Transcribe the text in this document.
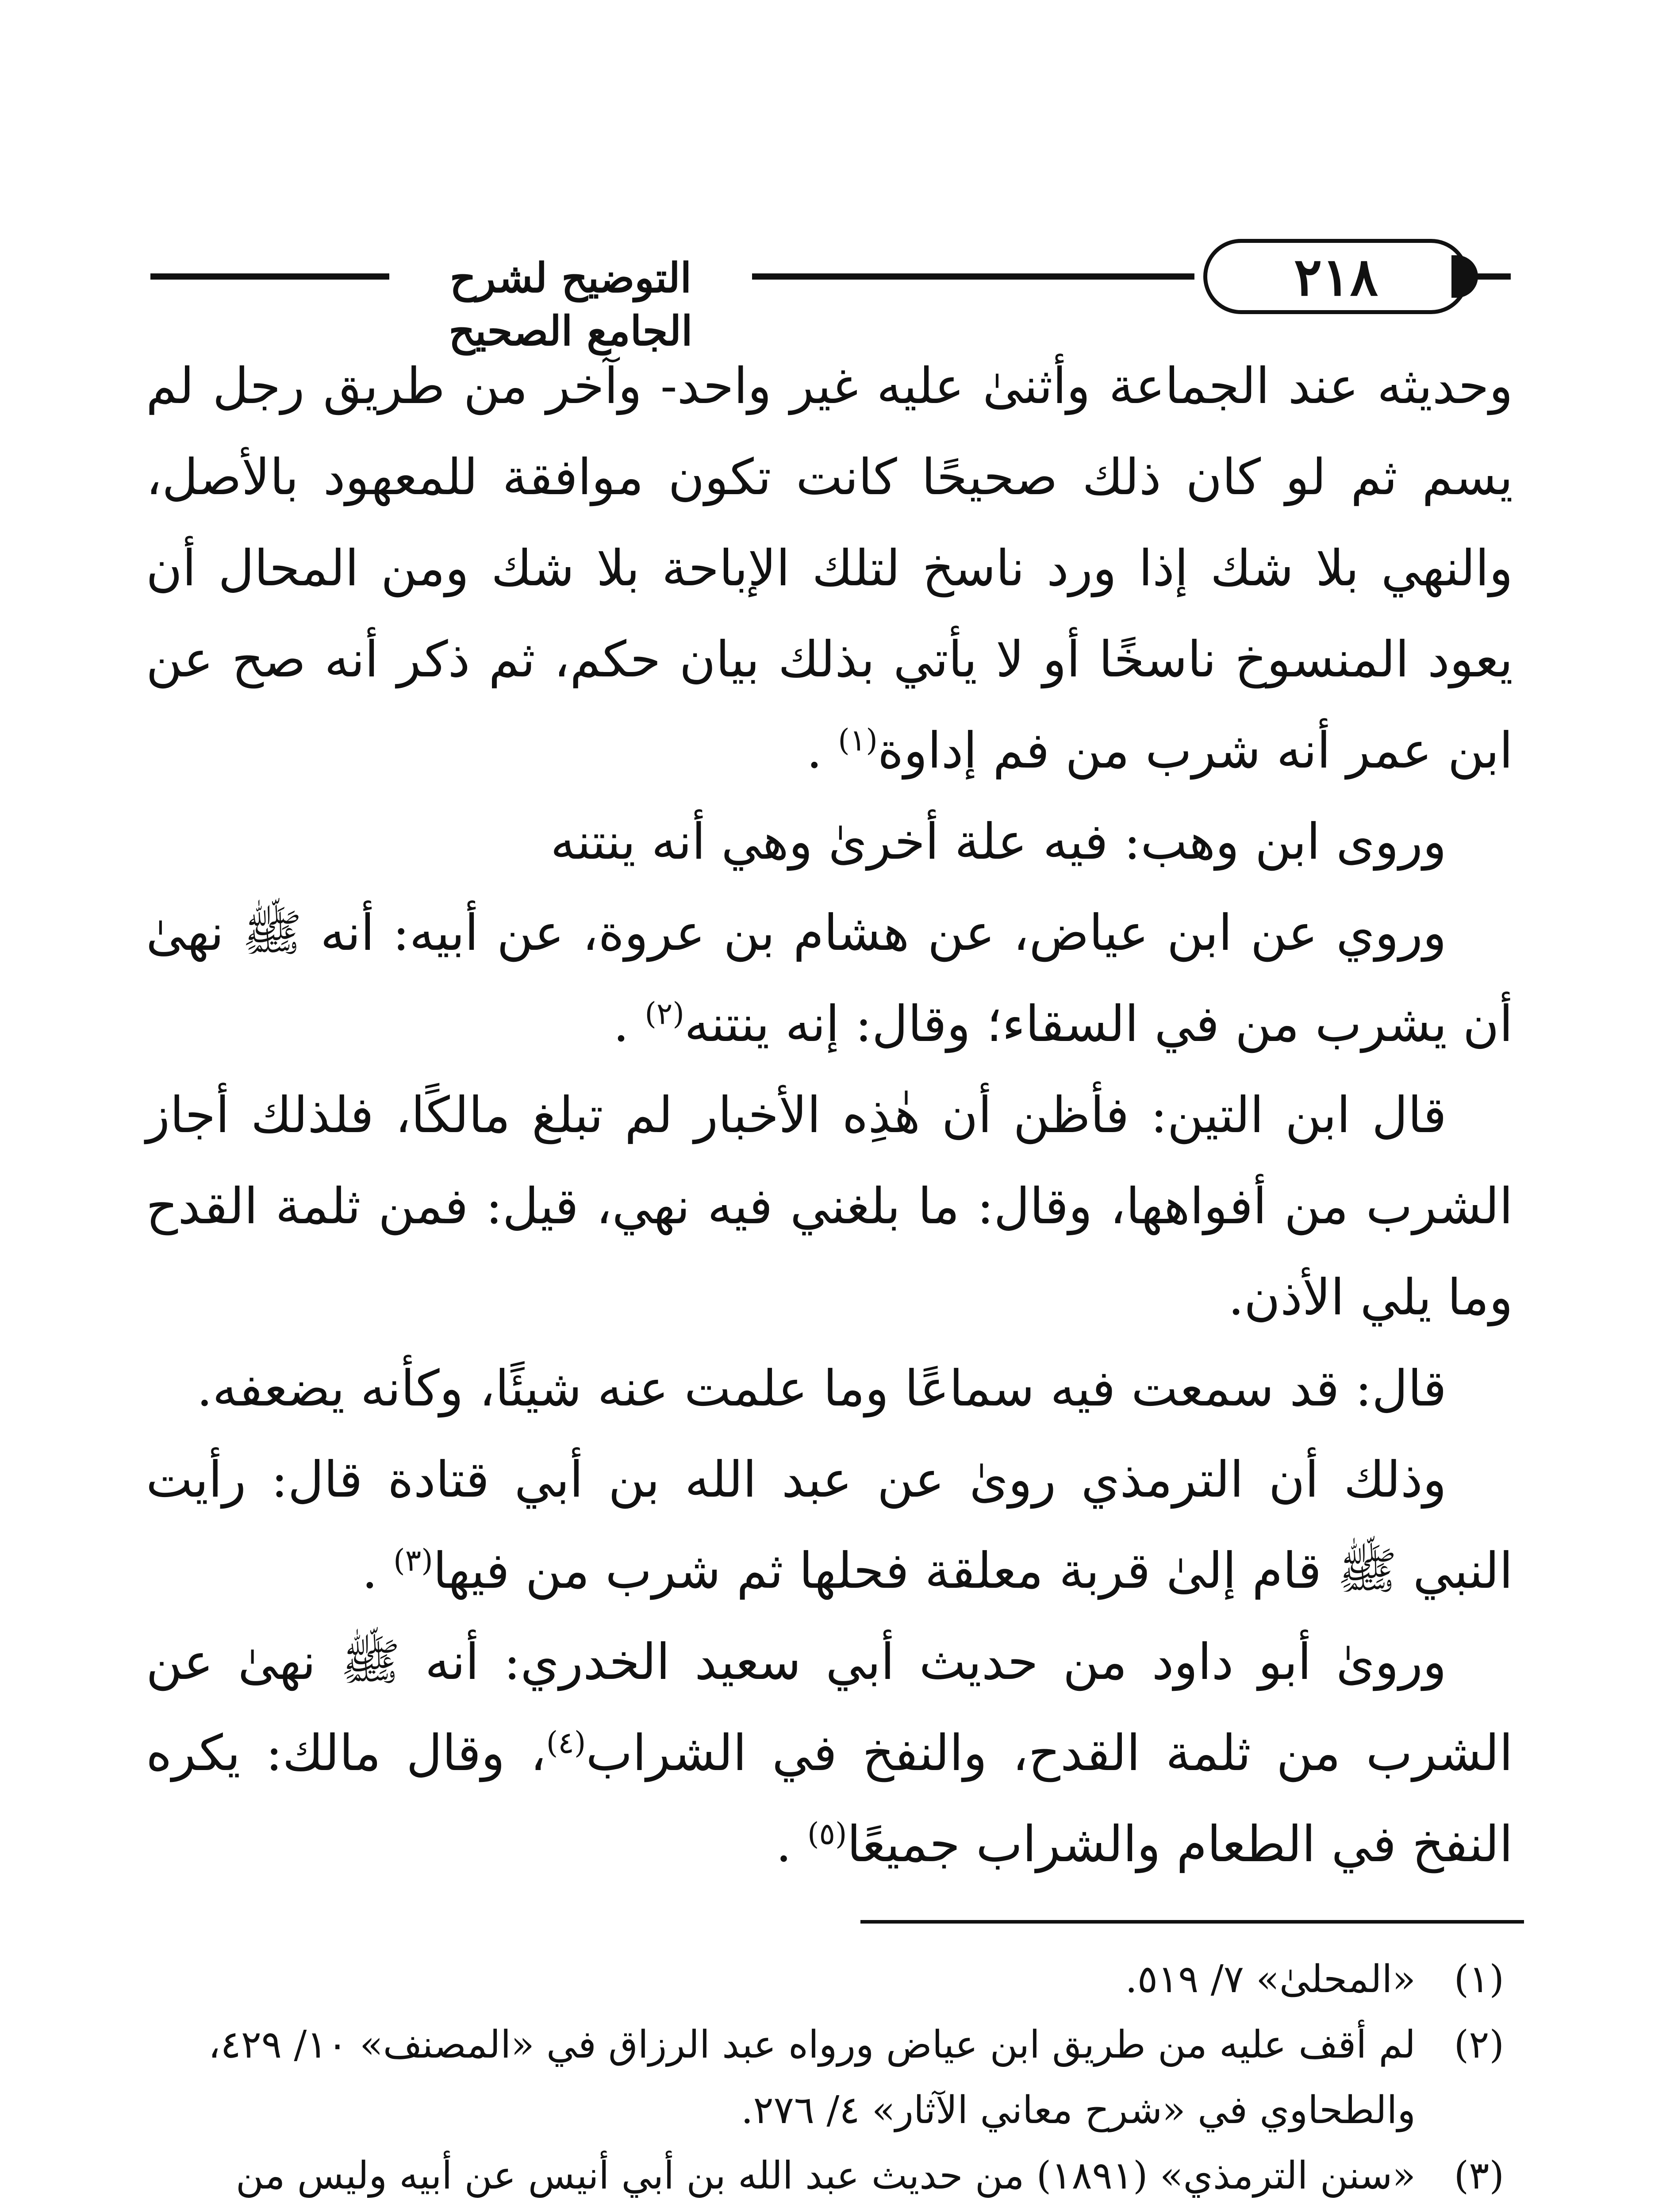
التوضيح لشرح الجامع الصحيح
٢١٨

وحديثه عند الجماعة وأثنىٰ عليه غير واحد- وآخر من طريق رجل لم يسم ثم لو كان ذلك صحيحًا كانت تكون موافقة للمعهود بالأصل، والنهي بلا شك إذا ورد ناسخ لتلك الإباحة بلا شك ومن المحال أن يعود المنسوخ ناسخًا أو لا يأتي بذلك بيان حكم، ثم ذكر أنه صح عن ابن عمر أنه شرب من فم إداوة$^{(١)}$ .

وروى ابن وهب: فيه علة أخرىٰ وهي أنه ينتنه

وروي عن ابن عياض، عن هشام بن عروة، عن أبيه: أنه ﷺ نهىٰ أن يشرب من في السقاء؛ وقال: إنه ينتنه$^{(٢)}$ .

قال ابن التين: فأظن أن هٰذِه الأخبار لم تبلغ مالكًا، فلذلك أجاز الشرب من أفواهها، وقال: ما بلغني فيه نهي، قيل: فمن ثلمة القدح وما يلي الأذن.

قال: قد سمعت فيه سماعًا وما علمت عنه شيئًا، وكأنه يضعفه.

وذلك أن الترمذي روىٰ عن عبد الله بن أبي قتادة قال: رأيت النبي ﷺ قام إلىٰ قربة معلقة فحلها ثم شرب من فيها$^{(٣)}$ .

ورویٰ أبو داود من حديث أبي سعيد الخدري: أنه ﷺ نهىٰ عن الشرب من ثلمة القدح، والنفخ في الشراب$^{(٤)}$، وقال مالك: يكره النفخ في الطعام والشراب جميعًا$^{(٥)}$ .

(١)
«المحلىٰ» ٧/ ٥١٩.
(٢)
لم أقف عليه من طريق ابن عياض ورواه عبد الرزاق في «المصنف» ١٠/ ٤٢٩، والطحاوي في «شرح معاني الآثار» ٤/ ٢٧٦.
(٣)
«سنن الترمذي» (١٨٩١) من حديث عبد الله بن أبي أنيس عن أبيه وليس من
